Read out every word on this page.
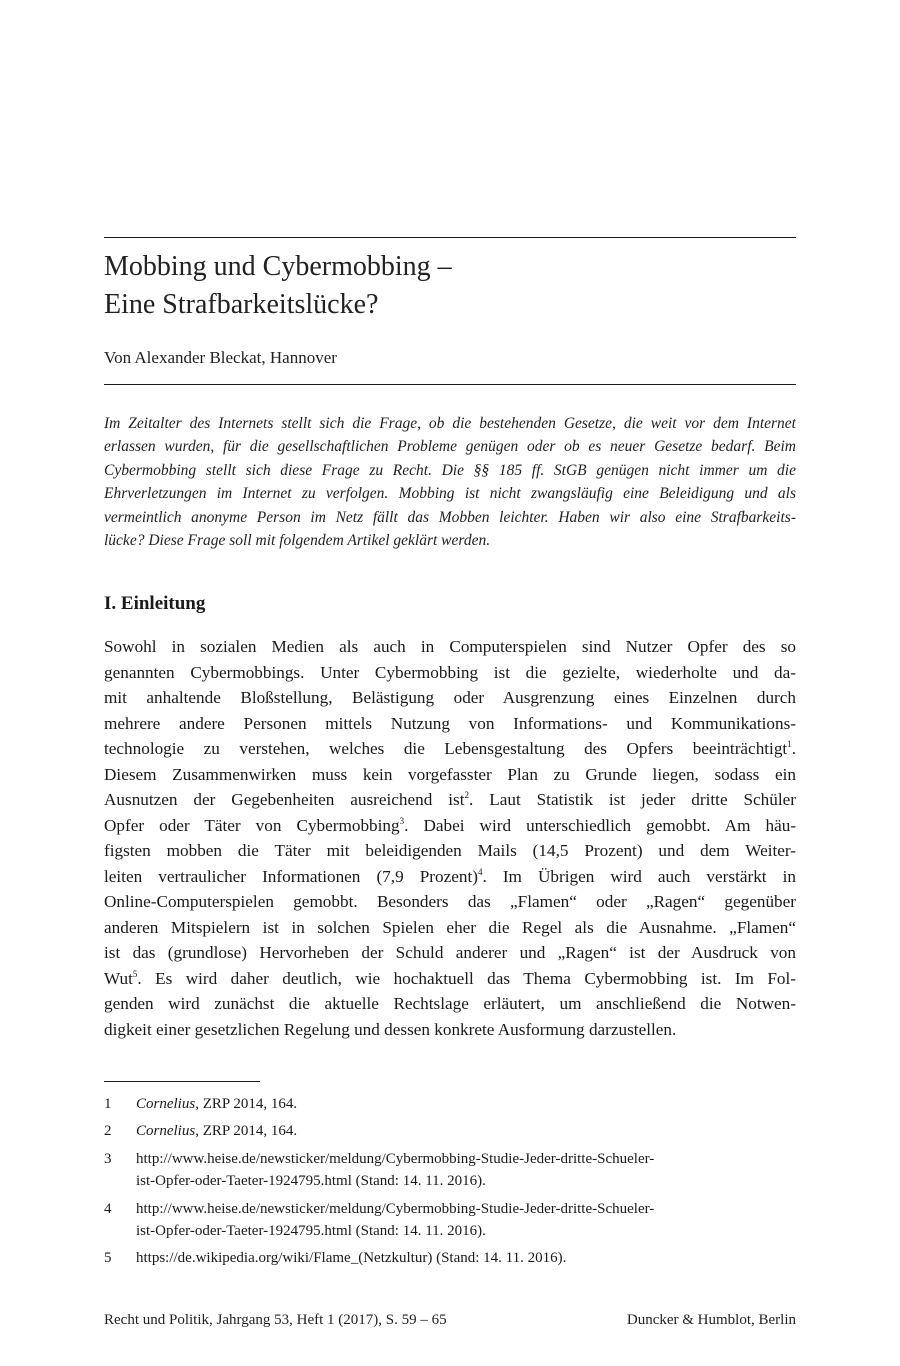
Mobbing und Cybermobbing –
Eine Strafbarkeitslücke?
Von Alexander Bleckat, Hannover
Im Zeitalter des Internets stellt sich die Frage, ob die bestehenden Gesetze, die weit vor dem Internet
erlassen wurden, für die gesellschaftlichen Probleme genügen oder ob es neuer Gesetze bedarf. Beim
Cybermobbing stellt sich diese Frage zu Recht. Die §§ 185 ff. StGB genügen nicht immer um die
Ehrverletzungen im Internet zu verfolgen. Mobbing ist nicht zwangsläufig eine Beleidigung und als
vermeintlich anonyme Person im Netz fällt das Mobben leichter. Haben wir also eine Strafbarkeits-
lücke? Diese Frage soll mit folgendem Artikel geklärt werden.
I. Einleitung
Sowohl in sozialen Medien als auch in Computerspielen sind Nutzer Opfer des so
genannten Cybermobbings. Unter Cybermobbing ist die gezielte, wiederholte und da-
mit anhaltende Bloßstellung, Belästigung oder Ausgrenzung eines Einzelnen durch
mehrere andere Personen mittels Nutzung von Informations- und Kommunikations-
technologie zu verstehen, welches die Lebensgestaltung des Opfers beeinträchtigt$^1$.
Diesem Zusammenwirken muss kein vorgefasster Plan zu Grunde liegen, sodass ein
Ausnutzen der Gegebenheiten ausreichend ist$^2$. Laut Statistik ist jeder dritte Schüler
Opfer oder Täter von Cybermobbing$^3$. Dabei wird unterschiedlich gemobbt. Am häu-
figsten mobben die Täter mit beleidigenden Mails (14,5 Prozent) und dem Weiter-
leiten vertraulicher Informationen (7,9 Prozent)$^4$. Im Übrigen wird auch verstärkt in
Online-Computerspielen gemobbt. Besonders das „Flamen“ oder „Ragen“ gegenüber
anderen Mitspielern ist in solchen Spielen eher die Regel als die Ausnahme. „Flamen“
ist das (grundlose) Hervorheben der Schuld anderer und „Ragen“ ist der Ausdruck von
Wut$^5$. Es wird daher deutlich, wie hochaktuell das Thema Cybermobbing ist. Im Fol-
genden wird zunächst die aktuelle Rechtslage erläutert, um anschließend die Notwen-
digkeit einer gesetzlichen Regelung und dessen konkrete Ausformung darzustellen.
1	Cornelius, ZRP 2014, 164.
2	Cornelius, ZRP 2014, 164.
3	http://www.heise.de/newsticker/meldung/Cybermobbing-Studie-Jeder-dritte-Schueler-
ist-Opfer-oder-Taeter-1924795.html (Stand: 14. 11. 2016).
4	http://www.heise.de/newsticker/meldung/Cybermobbing-Studie-Jeder-dritte-Schueler-
ist-Opfer-oder-Taeter-1924795.html (Stand: 14. 11. 2016).
5	https://de.wikipedia.org/wiki/Flame_(Netzkultur) (Stand: 14. 11. 2016).
Recht und Politik, Jahrgang 53, Heft 1 (2017), S. 59 – 65	Duncker & Humblot, Berlin
